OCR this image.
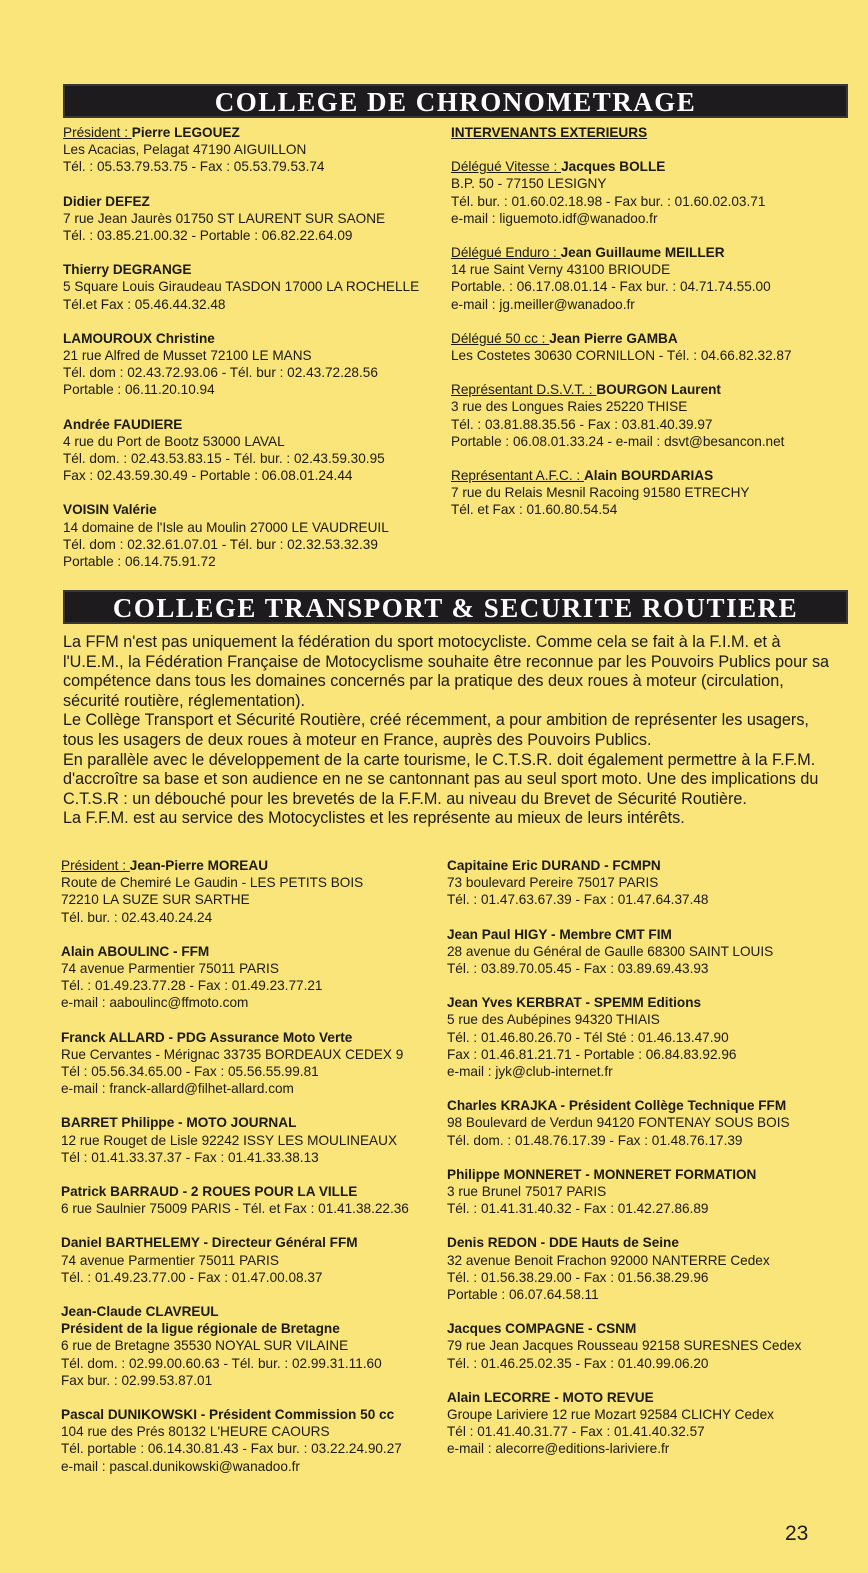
COLLEGE DE CHRONOMETRAGE
Président : Pierre LEGOUEZ
Les Acacias, Pelagat 47190 AIGUILLON
Tél. : 05.53.79.53.75 - Fax : 05.53.79.53.74
Didier DEFEZ
7 rue Jean Jaurès 01750 ST LAURENT SUR SAONE
Tél. : 03.85.21.00.32 - Portable : 06.82.22.64.09
Thierry DEGRANGE
5 Square Louis Giraudeau TASDON 17000 LA ROCHELLE
Tél.et Fax : 05.46.44.32.48
LAMOUROUX Christine
21 rue Alfred de Musset 72100 LE MANS
Tél. dom : 02.43.72.93.06 - Tél. bur : 02.43.72.28.56
Portable : 06.11.20.10.94
Andrée FAUDIERE
4 rue du Port de Bootz 53000 LAVAL
Tél. dom. : 02.43.53.83.15 - Tél. bur. : 02.43.59.30.95
Fax : 02.43.59.30.49 - Portable : 06.08.01.24.44
VOISIN Valérie
14 domaine de l'Isle au Moulin 27000 LE VAUDREUIL
Tél. dom : 02.32.61.07.01 - Tél. bur : 02.32.53.32.39
Portable : 06.14.75.91.72
INTERVENANTS EXTERIEURS
Délégué Vitesse : Jacques BOLLE
B.P. 50 - 77150 LESIGNY
Tél. bur. : 01.60.02.18.98 - Fax bur. : 01.60.02.03.71
e-mail : liguemoto.idf@wanadoo.fr
Délégué Enduro : Jean Guillaume MEILLER
14 rue Saint Verny 43100 BRIOUDE
Portable. : 06.17.08.01.14 - Fax bur. : 04.71.74.55.00
e-mail : jg.meiller@wanadoo.fr
Délégué 50 cc : Jean Pierre GAMBA
Les Costetes 30630 CORNILLON - Tél. : 04.66.82.32.87
Représentant D.S.V.T. : BOURGON Laurent
3 rue des Longues Raies 25220 THISE
Tél. : 03.81.88.35.56 - Fax : 03.81.40.39.97
Portable : 06.08.01.33.24 - e-mail : dsvt@besancon.net
Représentant A.F.C. : Alain BOURDARIAS
7 rue du Relais Mesnil Racoing 91580 ETRECHY
Tél. et Fax : 01.60.80.54.54
COLLEGE TRANSPORT & SECURITE ROUTIERE
La FFM n'est pas uniquement la fédération du sport motocycliste. Comme cela se fait à la F.I.M. et à
l'U.E.M., la Fédération Française de Motocyclisme souhaite être reconnue par les Pouvoirs Publics pour sa
compétence dans tous les domaines concernés par la pratique des deux roues à moteur (circulation,
sécurité routière, réglementation).
Le Collège Transport et Sécurité Routière, créé récemment, a pour ambition de représenter les usagers,
tous les usagers de deux roues à moteur en France, auprès des Pouvoirs Publics.
En parallèle avec le développement de la carte tourisme, le C.T.S.R. doit également permettre à la F.F.M.
d'accroître sa base et son audience en ne se cantonnant pas au seul sport moto. Une des implications du
C.T.S.R : un débouché pour les brevetés de la F.F.M. au niveau du Brevet de Sécurité Routière.
La F.F.M. est au service des Motocyclistes et les représente au mieux de leurs intérêts.
Président : Jean-Pierre MOREAU
Route de Chemiré Le Gaudin - LES PETITS BOIS
72210 LA SUZE SUR SARTHE
Tél. bur. : 02.43.40.24.24
Alain ABOULINC - FFM
74 avenue Parmentier 75011 PARIS
Tél. : 01.49.23.77.28 - Fax : 01.49.23.77.21
e-mail : aaboulinc@ffmoto.com
Franck ALLARD - PDG Assurance Moto Verte
Rue Cervantes - Mérignac 33735 BORDEAUX CEDEX 9
Tél : 05.56.34.65.00 - Fax : 05.56.55.99.81
e-mail : franck-allard@filhet-allard.com
BARRET Philippe - MOTO JOURNAL
12 rue Rouget de Lisle 92242 ISSY LES MOULINEAUX
Tél : 01.41.33.37.37 - Fax : 01.41.33.38.13
Patrick BARRAUD - 2 ROUES POUR LA VILLE
6 rue Saulnier 75009 PARIS - Tél. et Fax : 01.41.38.22.36
Daniel BARTHELEMY - Directeur Général FFM
74 avenue Parmentier 75011 PARIS
Tél. : 01.49.23.77.00 - Fax : 01.47.00.08.37
Jean-Claude CLAVREUL
Président de la ligue régionale de Bretagne
6 rue de Bretagne 35530 NOYAL SUR VILAINE
Tél. dom. : 02.99.00.60.63 - Tél. bur. : 02.99.31.11.60
Fax bur. : 02.99.53.87.01
Pascal DUNIKOWSKI - Président Commission 50 cc
104 rue des Prés 80132 L'HEURE CAOURS
Tél. portable : 06.14.30.81.43 - Fax bur. : 03.22.24.90.27
e-mail : pascal.dunikowski@wanadoo.fr
Capitaine Eric DURAND - FCMPN
73 boulevard Pereire 75017 PARIS
Tél. : 01.47.63.67.39 - Fax : 01.47.64.37.48
Jean Paul HIGY - Membre CMT FIM
28 avenue du Général de Gaulle 68300 SAINT LOUIS
Tél. : 03.89.70.05.45 - Fax : 03.89.69.43.93
Jean Yves KERBRAT - SPEMM Editions
5 rue des Aubépines 94320 THIAIS
Tél. : 01.46.80.26.70 - Tél Sté : 01.46.13.47.90
Fax : 01.46.81.21.71 - Portable : 06.84.83.92.96
e-mail : jyk@club-internet.fr
Charles KRAJKA - Président Collège Technique FFM
98 Boulevard de Verdun 94120 FONTENAY SOUS BOIS
Tél. dom. : 01.48.76.17.39 - Fax : 01.48.76.17.39
Philippe MONNERET - MONNERET FORMATION
3 rue Brunel 75017 PARIS
Tél. : 01.41.31.40.32 - Fax : 01.42.27.86.89
Denis REDON - DDE Hauts de Seine
32 avenue Benoit Frachon 92000 NANTERRE Cedex
Tél. : 01.56.38.29.00 - Fax : 01.56.38.29.96
Portable : 06.07.64.58.11
Jacques COMPAGNE - CSNM
79 rue Jean Jacques Rousseau 92158 SURESNES Cedex
Tél. : 01.46.25.02.35 - Fax : 01.40.99.06.20
Alain LECORRE - MOTO REVUE
Groupe Lariviere 12 rue Mozart 92584 CLICHY Cedex
Tél : 01.41.40.31.77 - Fax : 01.41.40.32.57
e-mail : alecorre@editions-lariviere.fr
23
